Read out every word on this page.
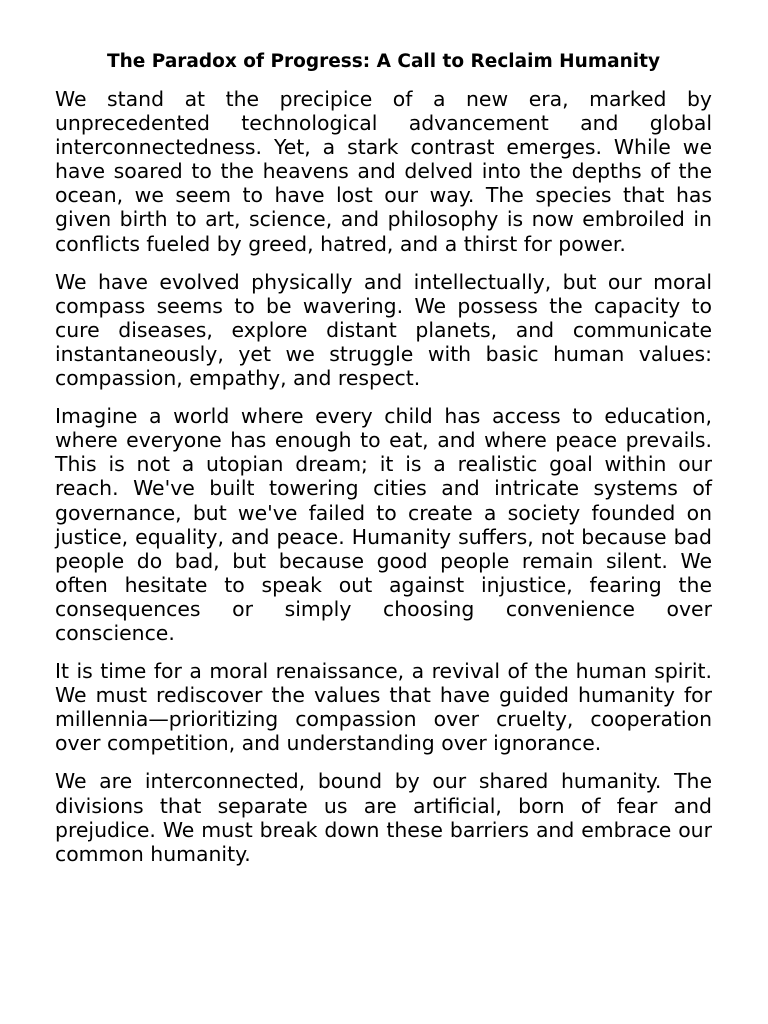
The Paradox of Progress: A Call to Reclaim Humanity

We stand at the precipice of a new era, marked by unprecedented technological advancement and global interconnectedness. Yet, a stark contrast emerges. While we have soared to the heavens and delved into the depths of the ocean, we seem to have lost our way. The species that has given birth to art, science, and philosophy is now embroiled in conflicts fueled by greed, hatred, and a thirst for power.

We have evolved physically and intellectually, but our moral compass seems to be wavering. We possess the capacity to cure diseases, explore distant planets, and communicate instantaneously, yet we struggle with basic human values: compassion, empathy, and respect.

Imagine a world where every child has access to education, where everyone has enough to eat, and where peace prevails. This is not a utopian dream; it is a realistic goal within our reach. We've built towering cities and intricate systems of governance, but we've failed to create a society founded on justice, equality, and peace. Humanity suffers, not because bad people do bad, but because good people remain silent. We often hesitate to speak out against injustice, fearing the consequences or simply choosing convenience over conscience.

It is time for a moral renaissance, a revival of the human spirit. We must rediscover the values that have guided humanity for millennia—prioritizing compassion over cruelty, cooperation over competition, and understanding over ignorance.

We are interconnected, bound by our shared humanity. The divisions that separate us are artificial, born of fear and prejudice. We must break down these barriers and embrace our common humanity.
